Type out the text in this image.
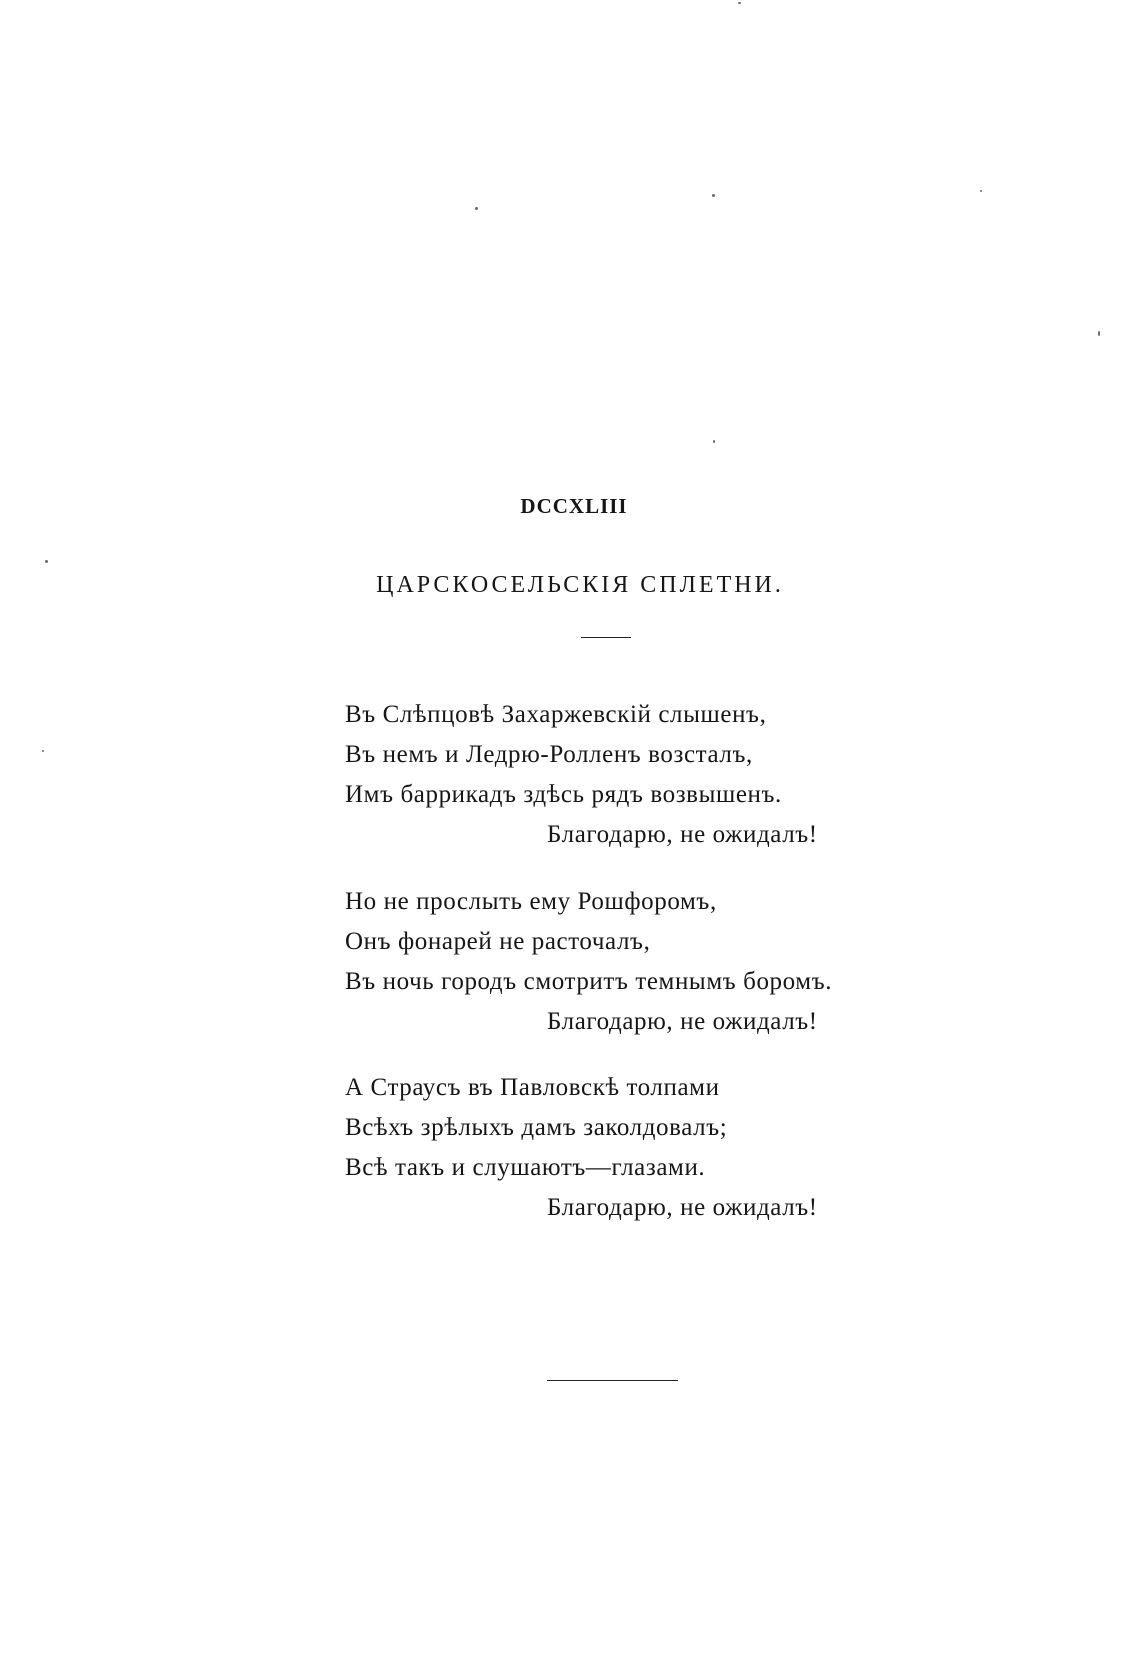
DCCXLIII
ЦАРСКОСЕЛЬСКІЯ СПЛЕТНИ.
Въ Слѣпцовѣ Захаржевскій слышенъ,
Въ немъ и Ледрю-Ролленъ возсталъ,
Имъ баррикадъ здѣсь рядъ возвышенъ.
Благодарю, не ожидалъ!
Но не прослыть ему Рошфоромъ,
Онъ фонарей не расточалъ,
Въ ночь городъ смотритъ темнымъ боромъ.
Благодарю, не ожидалъ!
А Страусъ въ Павловскѣ толпами
Всѣхъ зрѣлыхъ дамъ заколдовалъ;
Всѣ такъ и слушаютъ—глазами.
Благодарю, не ожидалъ!
